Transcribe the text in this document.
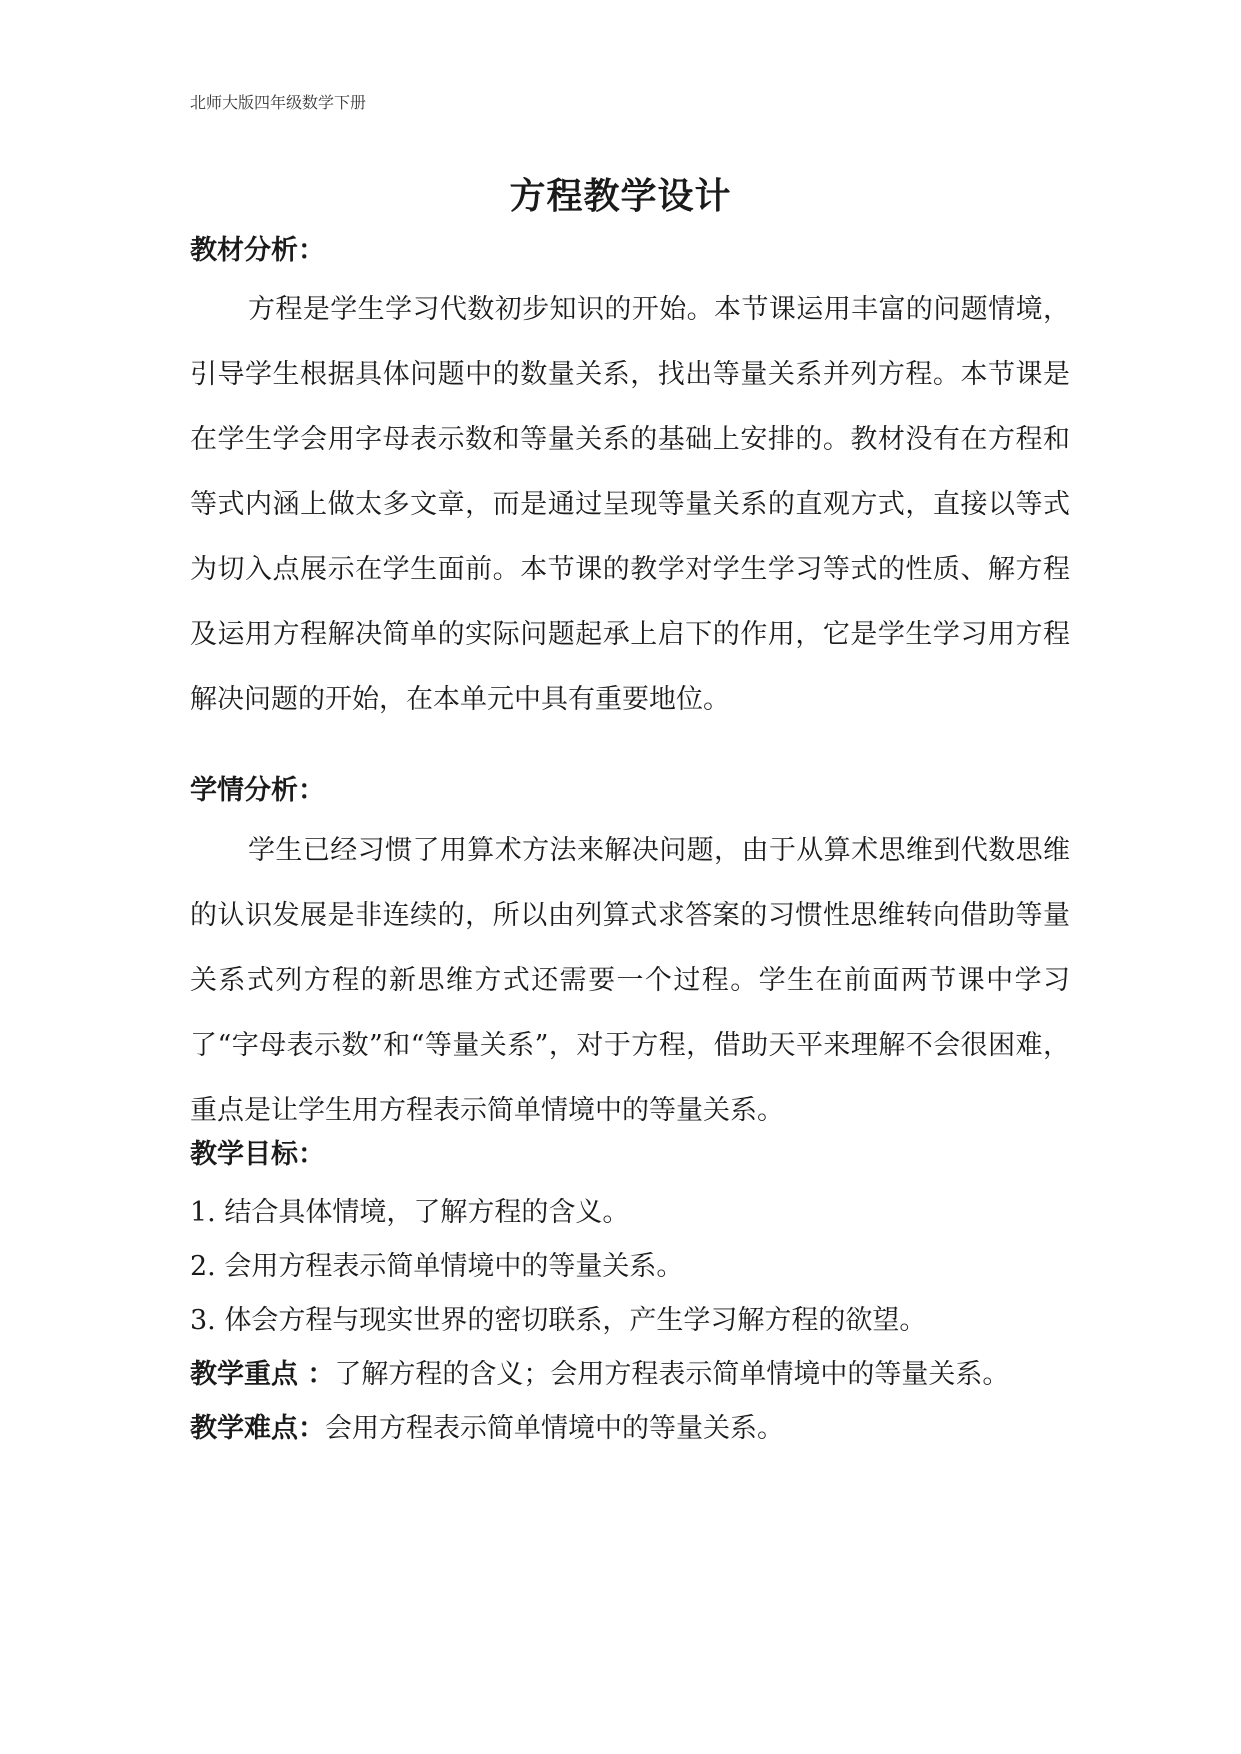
北师大版四年级数学下册
方程教学设计
教材分析：

方程是学生学习代数初步知识的开始。本节课运用丰富的问题情境，引导学生根据具体问题中的数量关系，找出等量关系并列方程。本节课是在学生学会用字母表示数和等量关系的基础上安排的。教材没有在方程和等式内涵上做太多文章，而是通过呈现等量关系的直观方式，直接以等式为切入点展示在学生面前。本节课的教学对学生学习等式的性质、解方程及运用方程解决简单的实际问题起承上启下的作用，它是学生学习用方程解决问题的开始，在本单元中具有重要地位。

学情分析：

学生已经习惯了用算术方法来解决问题，由于从算术思维到代数思维的认识发展是非连续的，所以由列算式求答案的习惯性思维转向借助等量关系式列方程的新思维方式还需要一个过程。学生在前面两节课中学习了“字母表示数”和“等量关系”，对于方程，借助天平来理解不会很困难，重点是让学生用方程表示简单情境中的等量关系。

教学目标：
1. 结合具体情境，了解方程的含义。
2. 会用方程表示简单情境中的等量关系。
3. 体会方程与现实世界的密切联系，产生学习解方程的欲望。
教学重点 ：了解方程的含义；会用方程表示简单情境中的等量关系。
教学难点：会用方程表示简单情境中的等量关系。
